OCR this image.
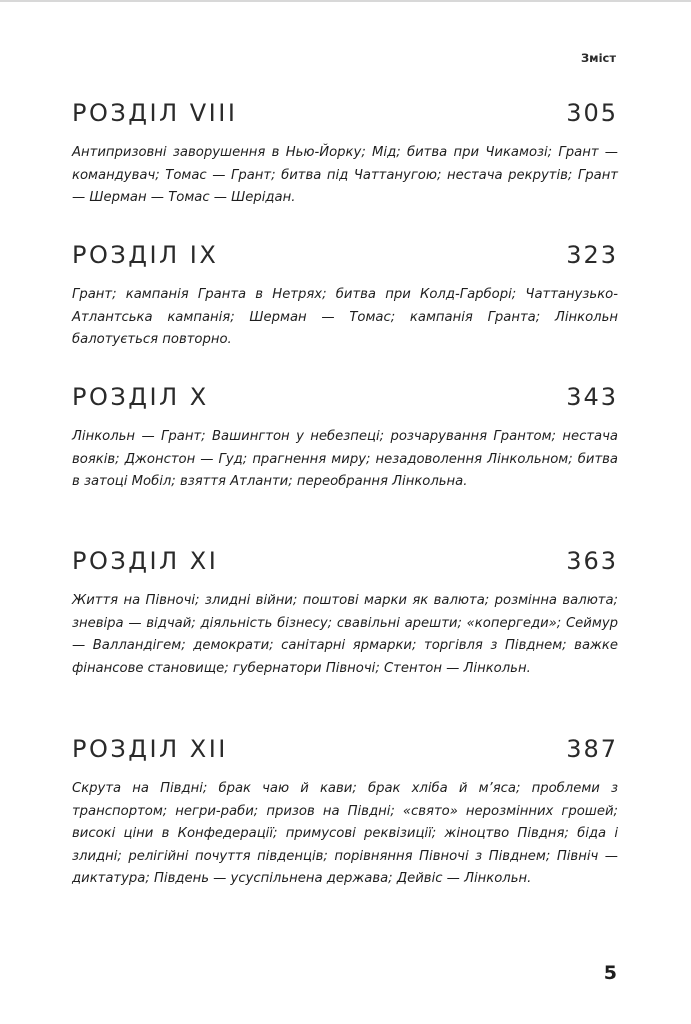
Зміст
РОЗДІЛ VIII	305

Антипризовні заворушення в Нью-Йорку; Мід; битва при Чикамозі; Грант — командувач; Томас — Грант; битва під Чаттанугою; нестача рекрутів; Грант — Шерман — Томас — Шерідан.

РОЗДІЛ IX	323

Грант; кампанія Гранта в Нетрях; битва при Колд-Гарборі; Чаттанузько-Атлантська кампанія; Шерман — Томас; кампанія Гранта; Лінкольн балотується повторно.

РОЗДІЛ X	343

Лінкольн — Грант; Вашингтон у небезпеці; розчарування Грантом; нестача вояків; Джонстон — Гуд; прагнення миру; незадоволення Лінкольном; битва в затоці Мобіл; взяття Атланти; переобрання Лінкольна.

РОЗДІЛ XI	363

Життя на Півночі; злидні війни; поштові марки як валюта; розмінна валюта; зневіра — відчай; діяльність бізнесу; свавільні арешти; «копергеди»; Сеймур — Валландігем; демократи; санітарні ярмарки; торгівля з Півднем; важке фінансове становище; губернатори Півночі; Стентон — Лінкольн.

РОЗДІЛ XII	387

Скрута на Півдні; брак чаю й кави; брак хліба й м’яса; проблеми з транспортом; негри-раби; призов на Півдні; «свято» нерозмінних грошей; високі ціни в Конфедерації; примусові реквізиції; жіноцтво Півдня; біда і злидні; релігійні почуття південців; порівняння Півночі з Півднем; Північ — диктатура; Південь — усуспільнена держава; Дейвіс — Лінкольн.

5
